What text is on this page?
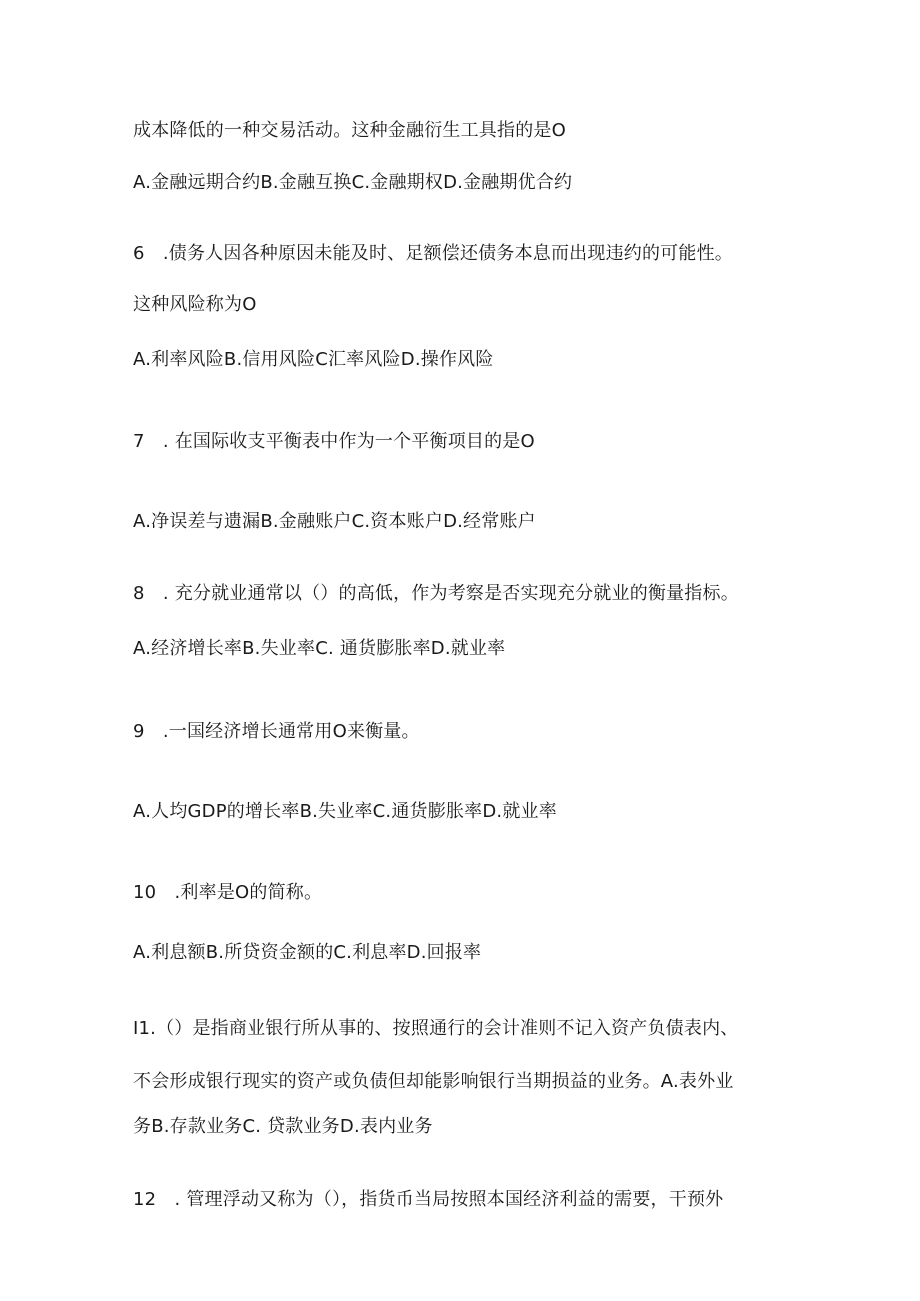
成本降低的一种交易活动。这种金融衍生工具指的是O

A.金融远期合约B.金融互换C.金融期权D.金融期优合约

6　.债务人因各种原因未能及时、足额偿还债务本息而出现违约的可能性。

这种风险称为O

A.利率风险B.信用风险C汇率风险D.操作风险

7　. 在国际收支平衡表中作为一个平衡项目的是O

A.净误差与遗漏B.金融账户C.资本账户D.经常账户

8　. 充分就业通常以（）的高低，作为考察是否实现充分就业的衡量指标。

A.经济增长率B.失业率C. 通货膨胀率D.就业率

9　.一国经济增长通常用O来衡量。

A.人均GDP的增长率B.失业率C.通货膨胀率D.就业率

10　.利率是O的简称。

A.利息额B.所贷资金额的C.利息率D.回报率

I1.（）是指商业银行所从事的、按照通行的会计准则不记入资产负债表内、

不会形成银行现实的资产或负债但却能影响银行当期损益的业务。A.表外业

务B.存款业务C. 贷款业务D.表内业务

12　. 管理浮动又称为（），指货币当局按照本国经济利益的需要，干预外
